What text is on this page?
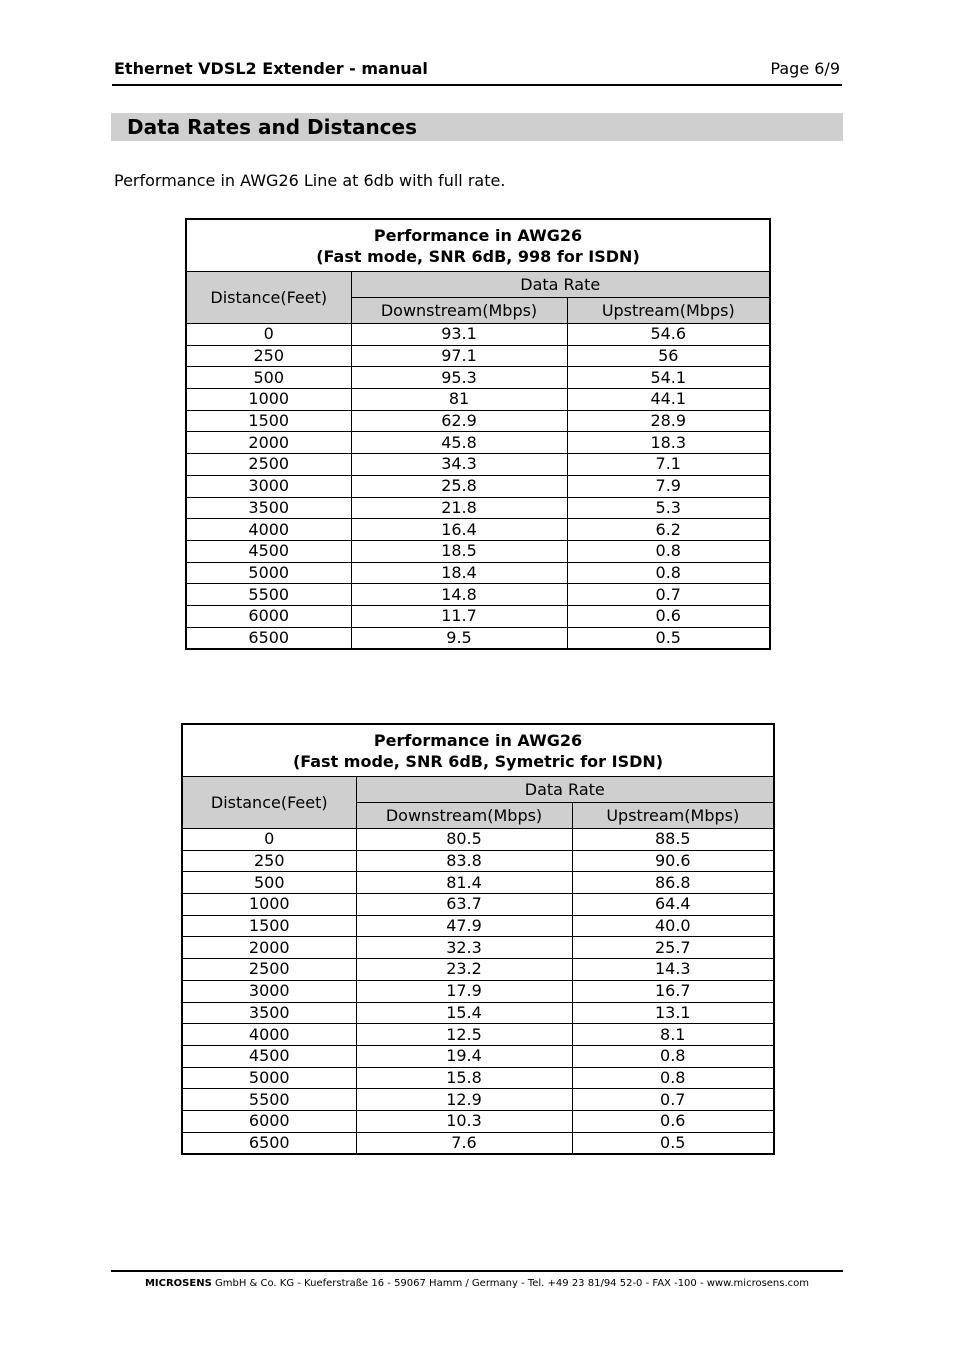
Ethernet VDSL2 Extender - manual	Page 6/9
Data Rates and Distances
Performance in AWG26 Line at 6db with full rate.
Performance in AWG26
(Fast mode, SNR 6dB, 998 for ISDN)		

Distance(Feet)	Data Rate	
	Downstream(Mbps)	Upstream(Mbps)
0	93.1	54.6
250	97.1	56
500	95.3	54.1
1000	81	44.1
1500	62.9	28.9
2000	45.8	18.3
2500	34.3	7.1
3000	25.8	7.9
3500	21.8	5.3
4000	16.4	6.2
4500	18.5	0.8
5000	18.4	0.8
5500	14.8	0.7
6000	11.7	0.6
6500	9.5	0.5
Performance in AWG26
(Fast mode, SNR 6dB, Symetric for ISDN)		

Distance(Feet)	Data Rate	
	Downstream(Mbps)	Upstream(Mbps)
0	80.5	88.5
250	83.8	90.6
500	81.4	86.8
1000	63.7	64.4
1500	47.9	40.0
2000	32.3	25.7
2500	23.2	14.3
3000	17.9	16.7
3500	15.4	13.1
4000	12.5	8.1
4500	19.4	0.8
5000	15.8	0.8
5500	12.9	0.7
6000	10.3	0.6
6500	7.6	0.5
MICROSENS GmbH & Co. KG - Kueferstraße 16 - 59067 Hamm / Germany - Tel. +49 23 81/94 52-0 - FAX -100 - www.microsens.com
